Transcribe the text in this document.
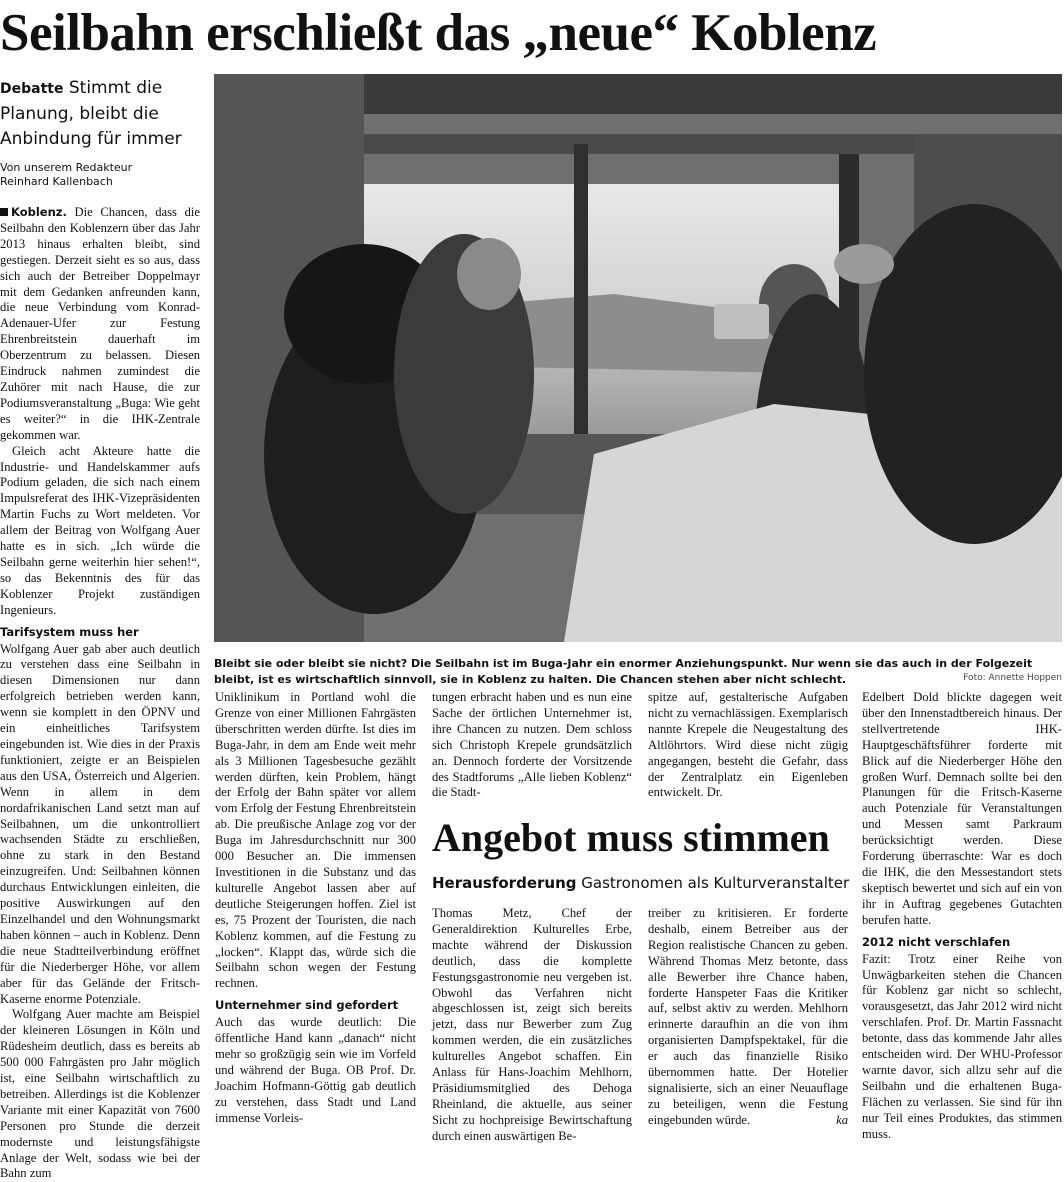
Seilbahn erschließt das „neue“ Koblenz
Debatte Stimmt die Planung, bleibt die Anbindung für immer
Von unserem Redakteur
Reinhard Kallenbach

Koblenz. Die Chancen, dass die Seilbahn den Koblenzern über das Jahr 2013 hinaus erhalten bleibt, sind gestiegen. Derzeit sieht es so aus, dass sich auch der Betreiber Doppelmayr mit dem Gedanken anfreunden kann, die neue Verbindung vom Konrad-Adenauer-Ufer zur Festung Ehrenbreitstein dauerhaft im Oberzentrum zu belassen. Diesen Eindruck nahmen zumindest die Zuhörer mit nach Hause, die zur Podiumsveranstaltung „Buga: Wie geht es weiter?“ in die IHK-Zentrale gekommen war.

Gleich acht Akteure hatte die Industrie- und Handelskammer aufs Podium geladen, die sich nach einem Impulsreferat des IHK-Vizepräsidenten Martin Fuchs zu Wort meldeten. Vor allem der Beitrag von Wolfgang Auer hatte es in sich. „Ich würde die Seilbahn gerne weiterhin hier sehen!“, so das Bekenntnis des für das Koblenzer Projekt zuständigen Ingenieurs.

Tarifsystem muss her

Wolfgang Auer gab aber auch deutlich zu verstehen dass eine Seilbahn in diesen Dimensionen nur dann erfolgreich betrieben werden kann, wenn sie komplett in den ÖPNV und ein einheitliches Tarifsystem eingebunden ist. Wie dies in der Praxis funktioniert, zeigte er an Beispielen aus den USA, Österreich und Algerien. Wenn in allem in dem nordafrikanischen Land setzt man auf Seilbahnen, um die unkontrolliert wachsenden Städte zu erschließen, ohne zu stark in den Bestand einzugreifen. Und: Seilbahnen können durchaus Entwicklungen einleiten, die positive Auswirkungen auf den Einzelhandel und den Wohnungsmarkt haben können – auch in Koblenz. Denn die neue Stadtteilverbindung eröffnet für die Niederberger Höhe, vor allem aber für das Gelände der Fritsch-Kaserne enorme Potenziale.

Wolfgang Auer machte am Beispiel der kleineren Lösungen in Köln und Rüdesheim deutlich, dass es bereits ab 500 000 Fahrgästen pro Jahr möglich ist, eine Seilbahn wirtschaftlich zu betreiben. Allerdings ist die Koblenzer Variante mit einer Kapazität von 7600 Personen pro Stunde die derzeit modernste und leistungsfähigste Anlage der Welt, sodass wie bei der Bahn zum

Bleibt sie oder bleibt sie nicht? Die Seilbahn ist im Buga-Jahr ein enormer Anziehungspunkt. Nur wenn sie das auch in der Folgezeit bleibt, ist es wirtschaftlich sinnvoll, sie in Koblenz zu halten. Die Chancen stehen aber nicht schlecht.	Foto: Annette Hoppen

Uniklinikum in Portland wohl die Grenze von einer Millionen Fahrgästen überschritten werden dürfte. Ist dies im Buga-Jahr, in dem am Ende weit mehr als 3 Millionen Tagesbesuche gezählt werden dürften, kein Problem, hängt der Erfolg der Bahn später vor allem vom Erfolg der Festung Ehrenbreitstein ab. Die preußische Anlage zog vor der Buga im Jahresdurchschnitt nur 300 000 Besucher an. Die immensen Investitionen in die Substanz und das kulturelle Angebot lassen aber auf deutliche Steigerungen hoffen. Ziel ist es, 75 Prozent der Touristen, die nach Koblenz kommen, auf die Festung zu „locken“. Klappt das, würde sich die Seilbahn schon wegen der Festung rechnen.

Unternehmer sind gefordert

Auch das wurde deutlich: Die öffentliche Hand kann „danach“ nicht mehr so großzügig sein wie im Vorfeld und während der Buga. OB Prof. Dr. Joachim Hofmann-Göttig gab deutlich zu verstehen, dass Stadt und Land immense Vorleis-

tungen erbracht haben und es nun eine Sache der örtlichen Unternehmer ist, ihre Chancen zu nutzen. Dem schloss sich Christoph Krepele grundsätzlich an. Dennoch forderte der Vorsitzende des Stadtforums „Alle lieben Koblenz“ die Stadt-

spitze auf, gestalterische Aufgaben nicht zu vernachlässigen. Exemplarisch nannte Krepele die Neugestaltung des Altlöhrtors. Wird diese nicht zügig angegangen, besteht die Gefahr, dass der Zentralplatz ein Eigenleben entwickelt. Dr.

Angebot muss stimmen
Herausforderung Gastronomen als Kulturveranstalter

Thomas Metz, Chef der Generaldirektion Kulturelles Erbe, machte während der Diskussion deutlich, dass die komplette Festungsgastronomie neu vergeben ist. Obwohl das Verfahren nicht abgeschlossen ist, zeigt sich bereits jetzt, dass nur Bewerber zum Zug kommen werden, die ein zusätzliches kulturelles Angebot schaffen. Ein Anlass für Hans-Joachim Mehlhorn, Präsidiumsmitglied des Dehoga Rheinland, die aktuelle, aus seiner Sicht zu hochpreisige Bewirtschaftung durch einen auswärtigen Be-

treiber zu kritisieren. Er forderte deshalb, einem Betreiber aus der Region realistische Chancen zu geben. Während Thomas Metz betonte, dass alle Bewerber ihre Chance haben, forderte Hanspeter Faas die Kritiker auf, selbst aktiv zu werden. Mehlhorn erinnerte daraufhin an die von ihm organisierten Dampfspektakel, für die er auch das finanzielle Risiko übernommen hatte. Der Hotelier signalisierte, sich an einer Neuauflage zu beteiligen, wenn die Festung eingebunden würde.	ka

Edelbert Dold blickte dagegen weit über den Innenstadtbereich hinaus. Der stellvertretende IHK-Hauptgeschäftsführer forderte mit Blick auf die Niederberger Höhe den großen Wurf. Demnach sollte bei den Planungen für die Fritsch-Kaserne auch Potenziale für Veranstaltungen und Messen samt Parkraum berücksichtigt werden. Diese Forderung überraschte: War es doch die IHK, die den Messestandort stets skeptisch bewertet und sich auf ein von ihr in Auftrag gegebenes Gutachten berufen hatte.

2012 nicht verschlafen

Fazit: Trotz einer Reihe von Unwägbarkeiten stehen die Chancen für Koblenz gar nicht so schlecht, vorausgesetzt, das Jahr 2012 wird nicht verschlafen. Prof. Dr. Martin Fassnacht betonte, dass das kommende Jahr alles entscheiden wird. Der WHU-Professor warnte davor, sich allzu sehr auf die Seilbahn und die erhaltenen Buga-Flächen zu verlassen. Sie sind für ihn nur Teil eines Produktes, das stimmen muss.
